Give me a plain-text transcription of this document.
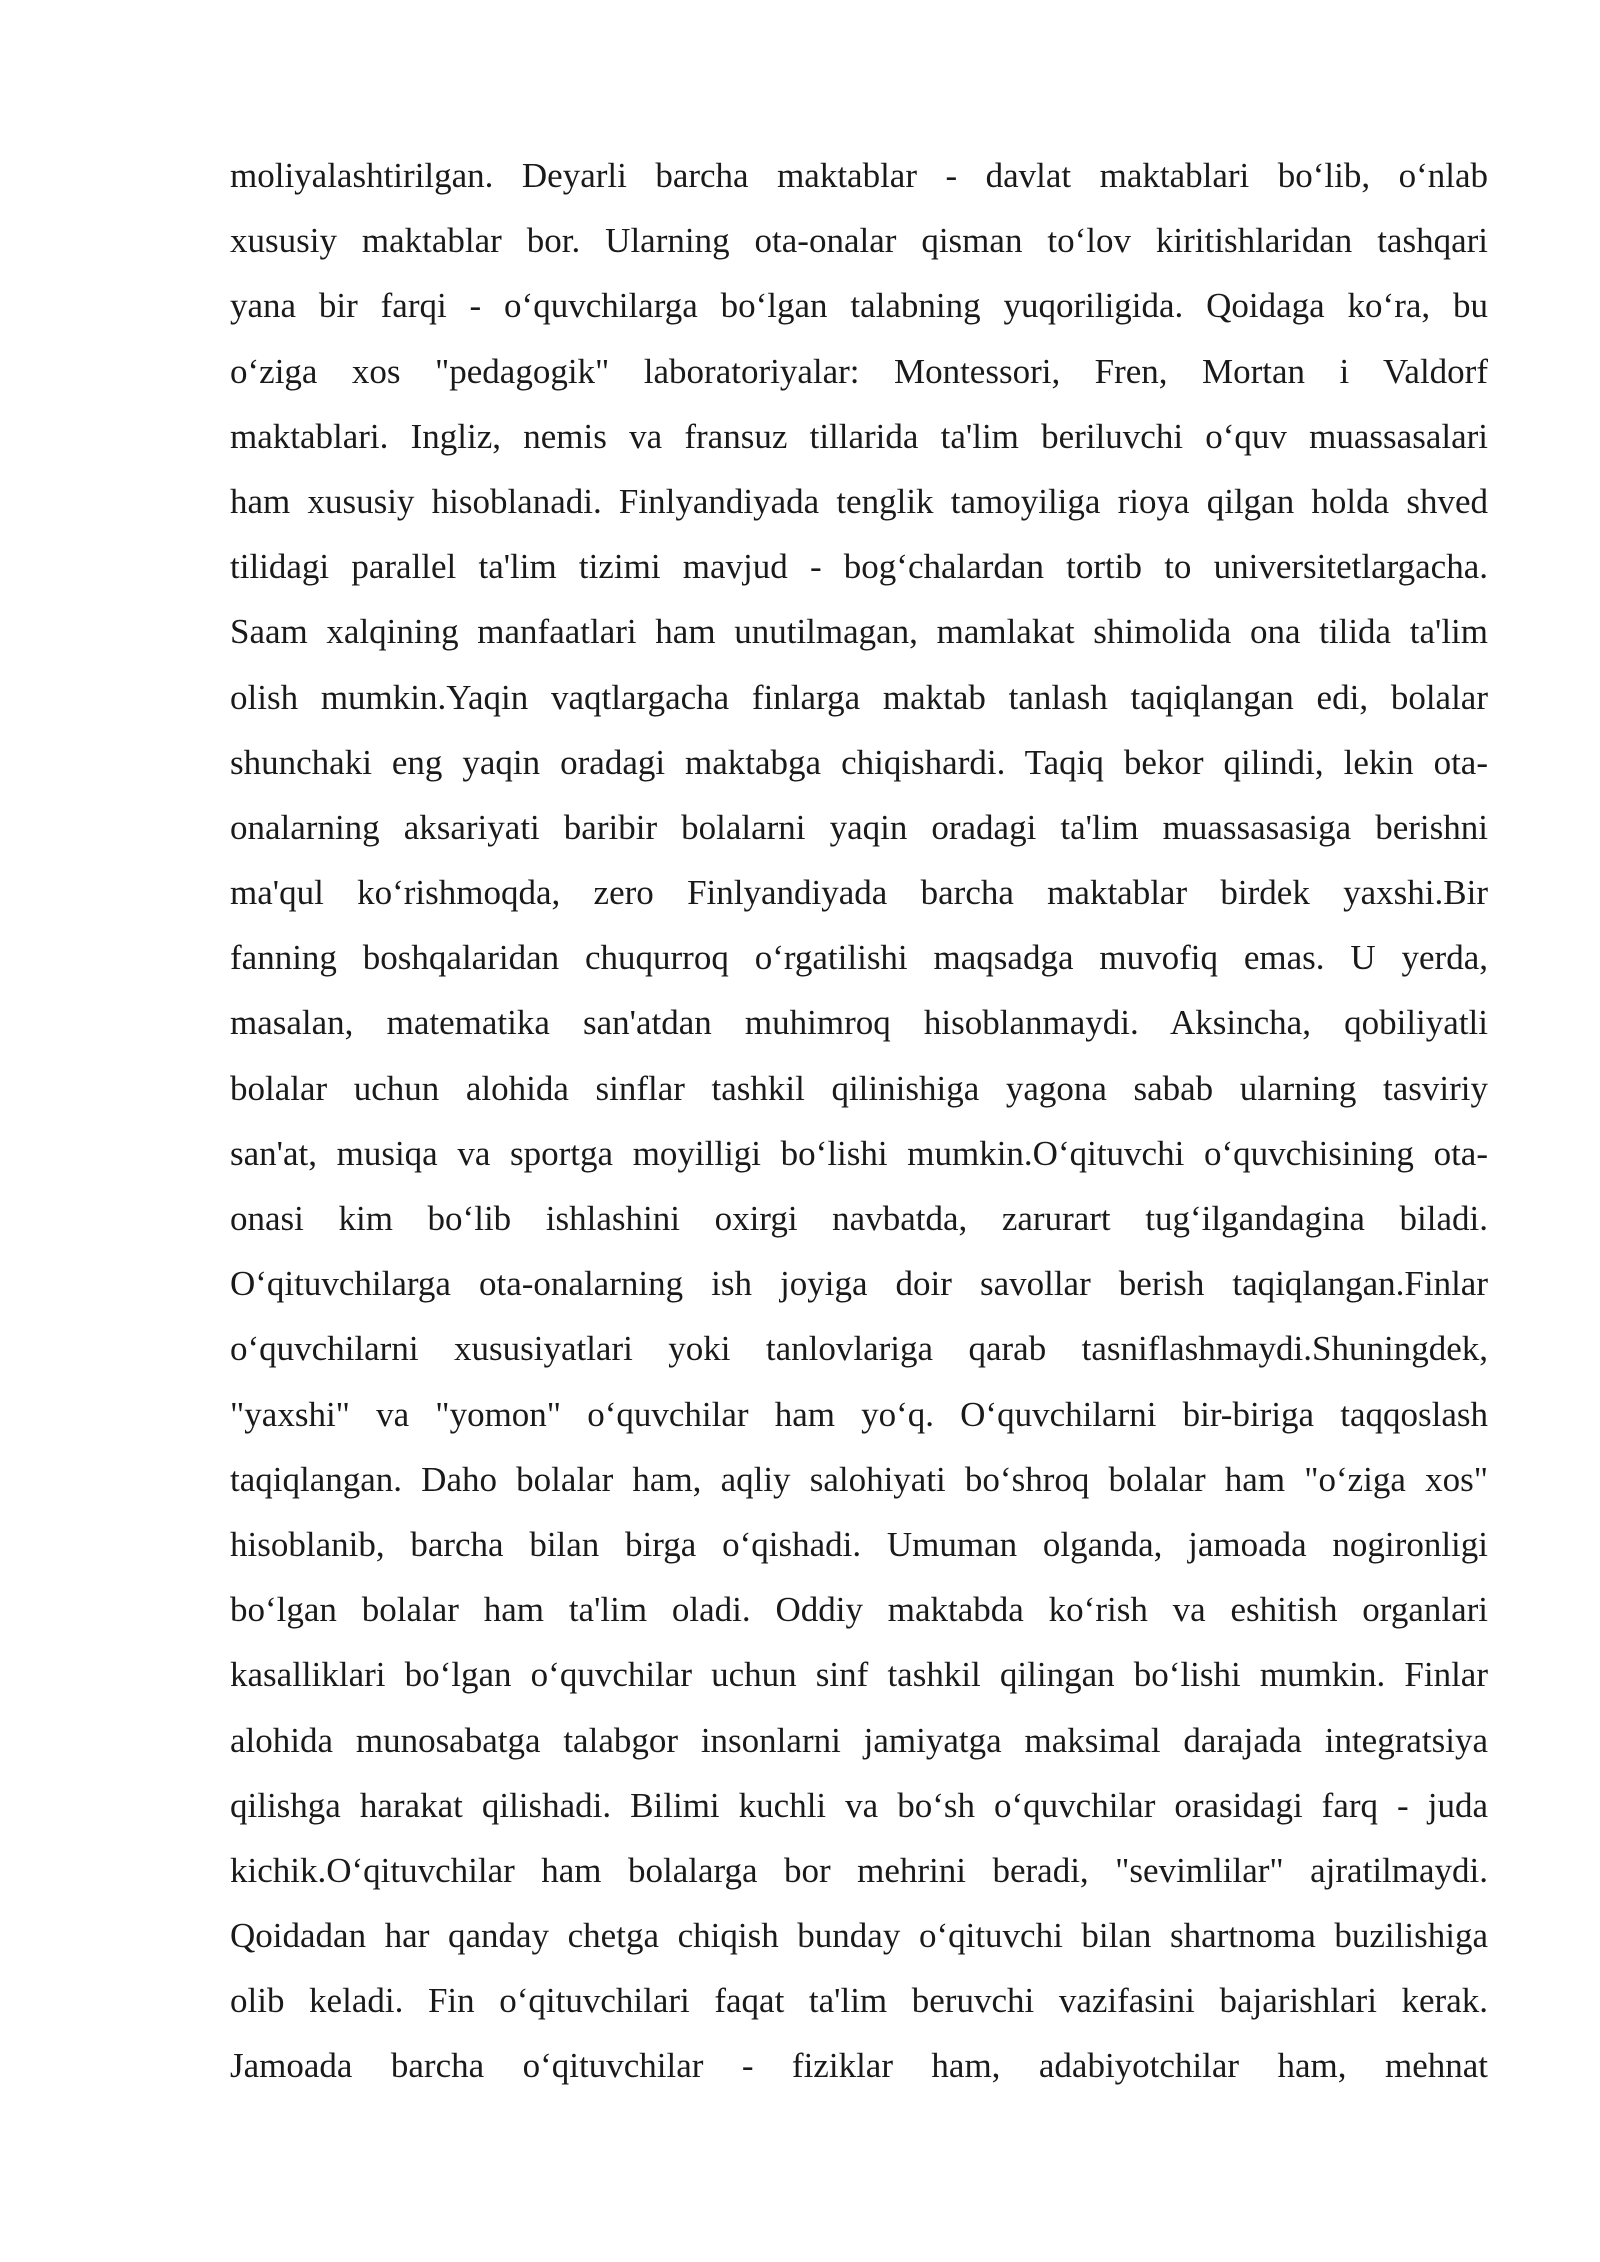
moliyalashtirilgan. Deyarli barcha maktablar - davlat maktablari bo‘lib, o‘nlab
xususiy maktablar bor. Ularning ota-onalar qisman to‘lov kiritishlaridan tashqari
yana bir farqi - o‘quvchilarga bo‘lgan talabning yuqoriligida. Qoidaga ko‘ra, bu
o‘ziga xos "pedagogik" laboratoriyalar: Montessori, Fren, Mortan i Valdorf
maktablari. Ingliz, nemis va fransuz tillarida ta'lim beriluvchi o‘quv muassasalari
ham xususiy hisoblanadi. Finlyandiyada tenglik tamoyiliga rioya qilgan holda shved
tilidagi parallel ta'lim tizimi mavjud - bog‘chalardan tortib to universitetlargacha.
Saam xalqining manfaatlari ham unutilmagan, mamlakat shimolida ona tilida ta'lim
olish mumkin.Yaqin vaqtlargacha finlarga maktab tanlash taqiqlangan edi, bolalar
shunchaki eng yaqin oradagi maktabga chiqishardi. Taqiq bekor qilindi, lekin ota-
onalarning aksariyati baribir bolalarni yaqin oradagi ta'lim muassasasiga berishni
ma'qul ko‘rishmoqda, zero Finlyandiyada barcha maktablar birdek yaxshi.Bir
fanning boshqalaridan chuqurroq o‘rgatilishi maqsadga muvofiq emas. U yerda,
masalan, matematika san'atdan muhimroq hisoblanmaydi. Aksincha, qobiliyatli
bolalar uchun alohida sinflar tashkil qilinishiga yagona sabab ularning tasviriy
san'at, musiqa va sportga moyilligi bo‘lishi mumkin.O‘qituvchi o‘quvchisining ota-
onasi kim bo‘lib ishlashini oxirgi navbatda, zarurart tug‘ilgandagina biladi.
O‘qituvchilarga ota-onalarning ish joyiga doir savollar berish taqiqlangan.Finlar
o‘quvchilarni xususiyatlari yoki tanlovlariga qarab tasniflashmaydi.Shuningdek,
"yaxshi" va "yomon" o‘quvchilar ham yo‘q. O‘quvchilarni bir-biriga taqqoslash
taqiqlangan. Daho bolalar ham, aqliy salohiyati bo‘shroq bolalar ham "o‘ziga xos"
hisoblanib, barcha bilan birga o‘qishadi. Umuman olganda, jamoada nogironligi
bo‘lgan bolalar ham ta'lim oladi. Oddiy maktabda ko‘rish va eshitish organlari
kasalliklari bo‘lgan o‘quvchilar uchun sinf tashkil qilingan bo‘lishi mumkin. Finlar
alohida munosabatga talabgor insonlarni jamiyatga maksimal darajada integratsiya
qilishga harakat qilishadi. Bilimi kuchli va bo‘sh o‘quvchilar orasidagi farq - juda
kichik.O‘qituvchilar ham bolalarga bor mehrini beradi, "sevimlilar" ajratilmaydi.
Qoidadan har qanday chetga chiqish bunday o‘qituvchi bilan shartnoma buzilishiga
olib keladi. Fin o‘qituvchilari faqat ta'lim beruvchi vazifasini bajarishlari kerak.
Jamoada barcha o‘qituvchilar - fiziklar ham, adabiyotchilar ham, mehnat
